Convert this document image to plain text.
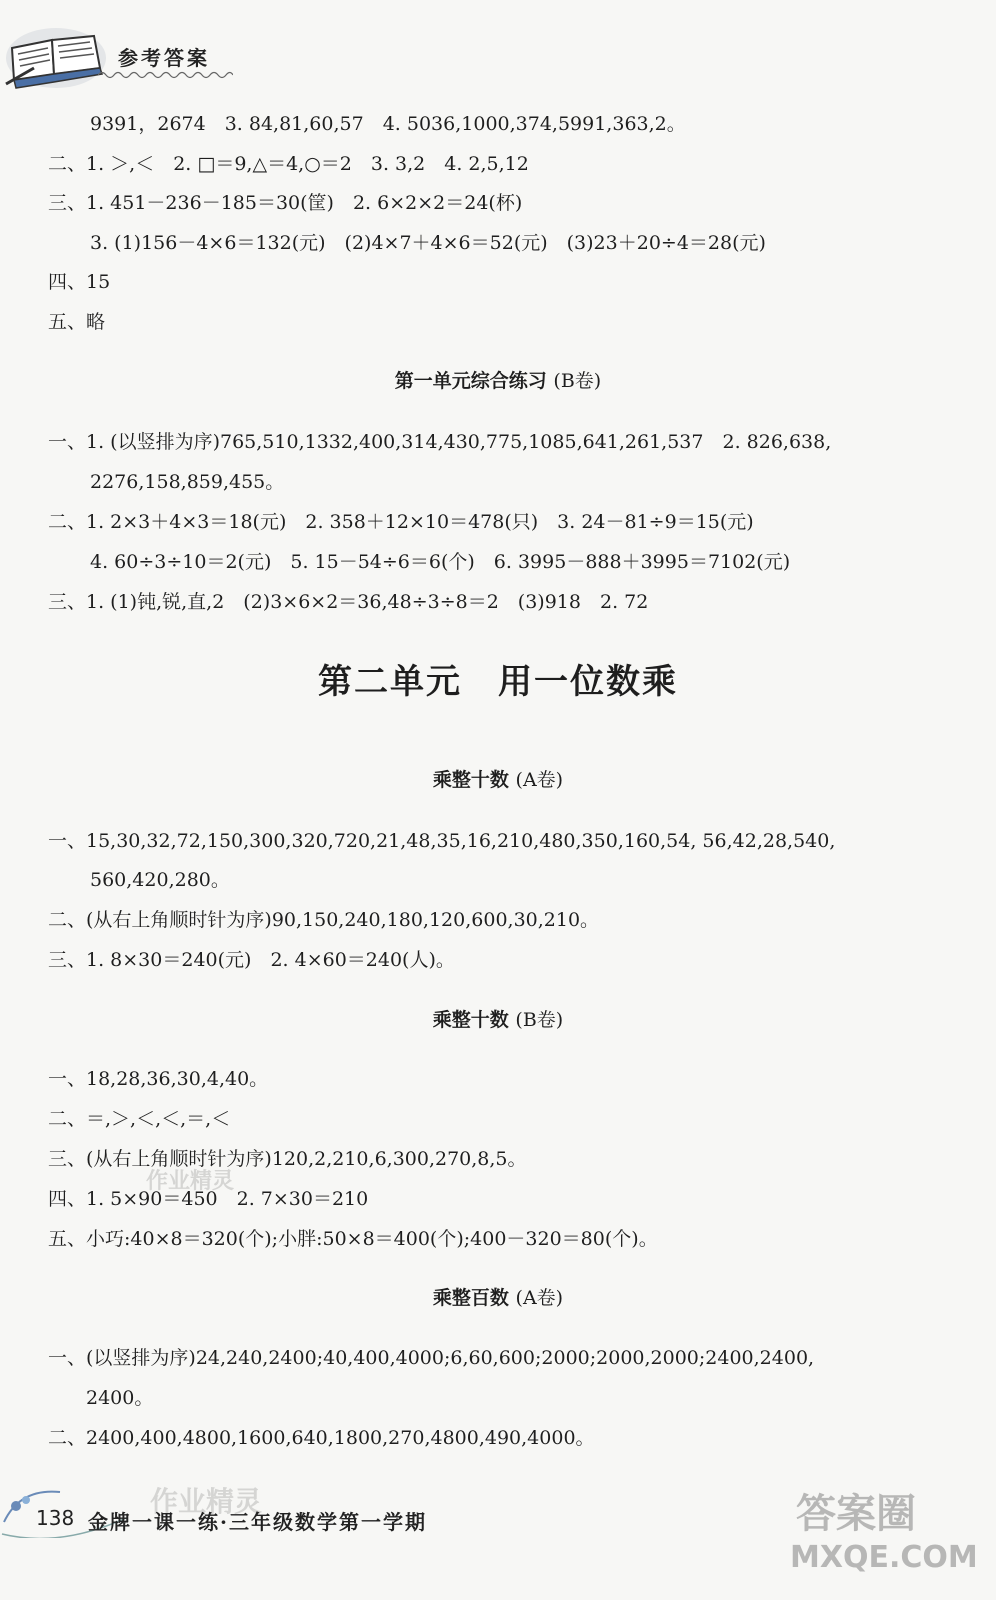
参考答案
9391，2674　3. 84,81,60,57　4. 5036,1000,374,5991,363,2。
二、1. ＞,＜　2. □＝9,△＝4,○＝2　3. 3,2　4. 2,5,12
三、1. 451－236－185＝30(筐)　2. 6×2×2＝24(杯)
3. (1)156－4×6＝132(元)　(2)4×7＋4×6＝52(元)　(3)23＋20÷4＝28(元)
四、15
五、略
第一单元综合练习 (B卷)
一、1. (以竖排为序)765,510,1332,400,314,430,775,1085,641,261,537　2. 826,638,
2276,158,859,455。
二、1. 2×3＋4×3＝18(元)　2. 358＋12×10＝478(只)　3. 24－81÷9＝15(元)
4. 60÷3÷10＝2(元)　5. 15－54÷6＝6(个)　6. 3995－888＋3995＝7102(元)
三、1. (1)钝,锐,直,2　(2)3×6×2＝36,48÷3÷8＝2　(3)918　2. 72
第二单元　用一位数乘
乘整十数 (A卷)
一、15,30,32,72,150,300,320,720,21,48,35,16,210,480,350,160,54, 56,42,28,540,
560,420,280。
二、(从右上角顺时针为序)90,150,240,180,120,600,30,210。
三、1. 8×30＝240(元)　2. 4×60＝240(人)。
乘整十数 (B卷)
一、18,28,36,30,4,40。
二、＝,＞,＜,＜,＝,＜
三、(从右上角顺时针为序)120,2,210,6,300,270,8,5。
四、1. 5×90＝450　2. 7×30＝210
五、小巧:40×8＝320(个);小胖:50×8＝400(个);400－320＝80(个)。
乘整百数 (A卷)
一、(以竖排为序)24,240,2400;40,400,4000;6,60,600;2000;2000,2000;2400,2400,
2400。
二、2400,400,4800,1600,640,1800,270,4800,490,4000。
作业精灵
作业精灵	答案圈
MXQE.COM
138 金牌一课一练·三年级数学第一学期
